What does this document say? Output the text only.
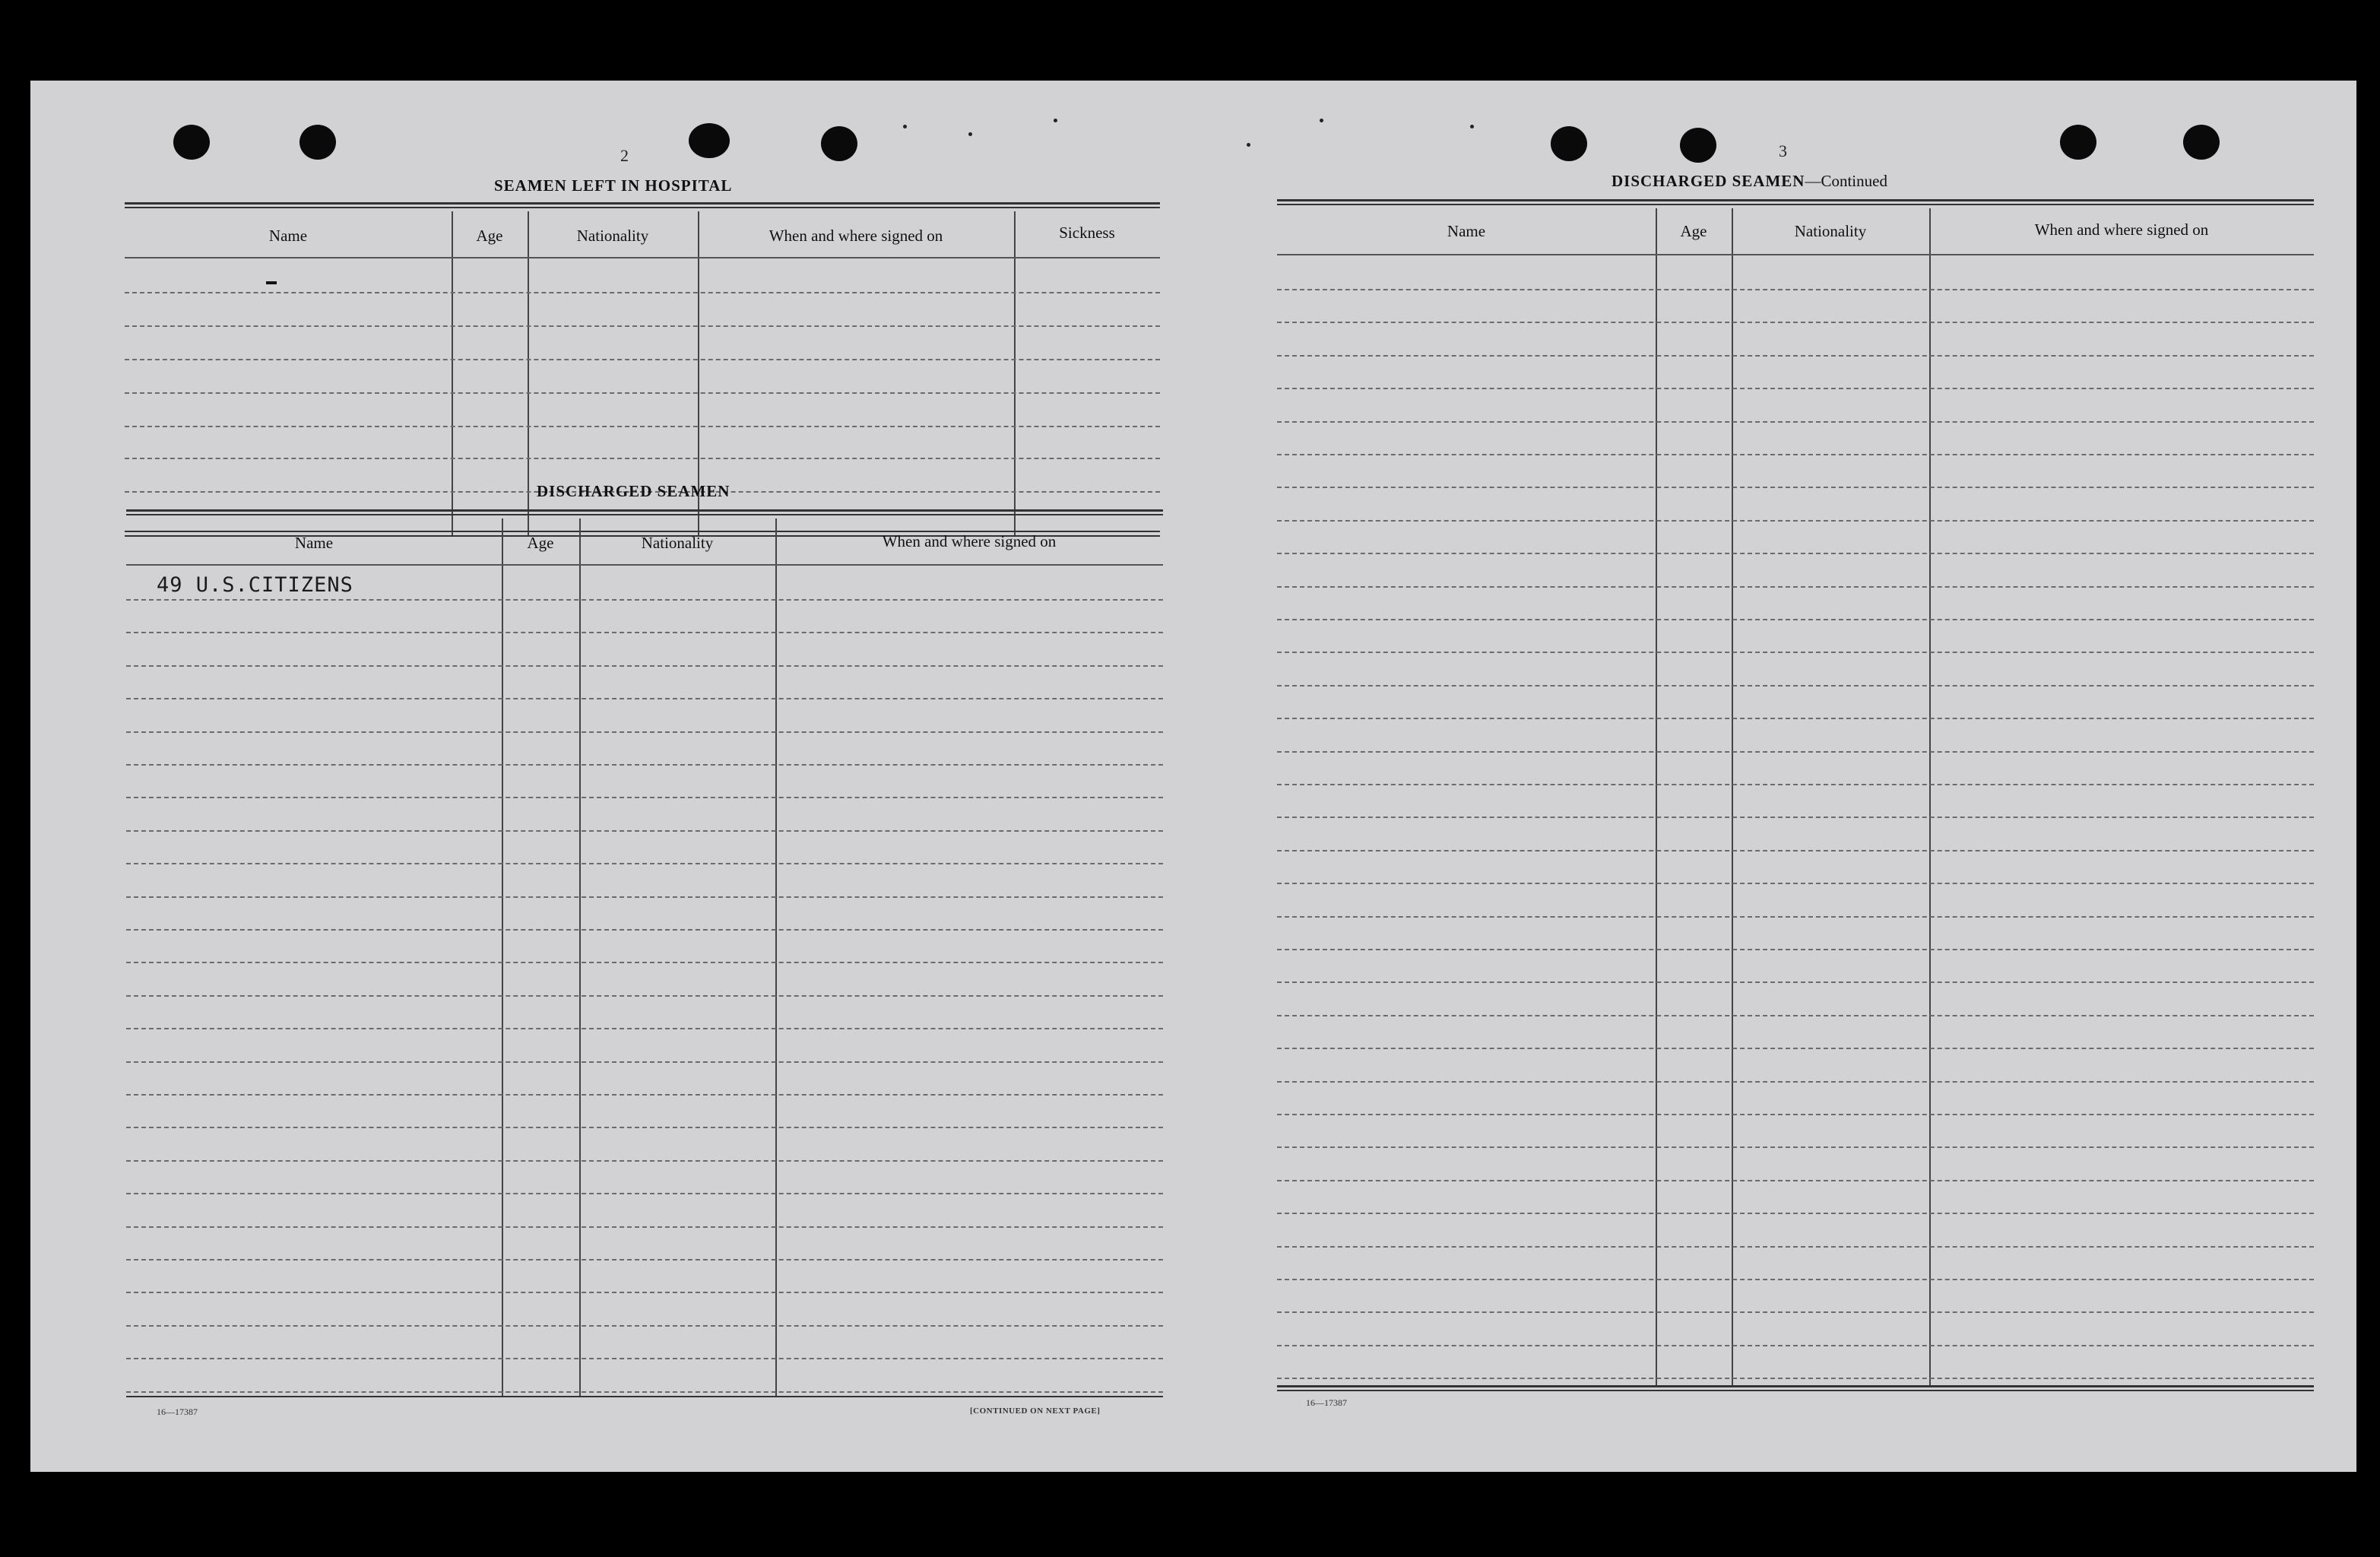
2
SEAMEN LEFT IN HOSPITAL
Name	Age	Nationality	When and where signed on	Sickness
DISCHARGED SEAMEN
Name	Age	Nationality	When and where signed on
49 U.S.CITIZENS
16—17387	[CONTINUED ON NEXT PAGE]
3
DISCHARGED SEAMEN—Continued
Name	Age	Nationality	When and where signed on
16—17387
